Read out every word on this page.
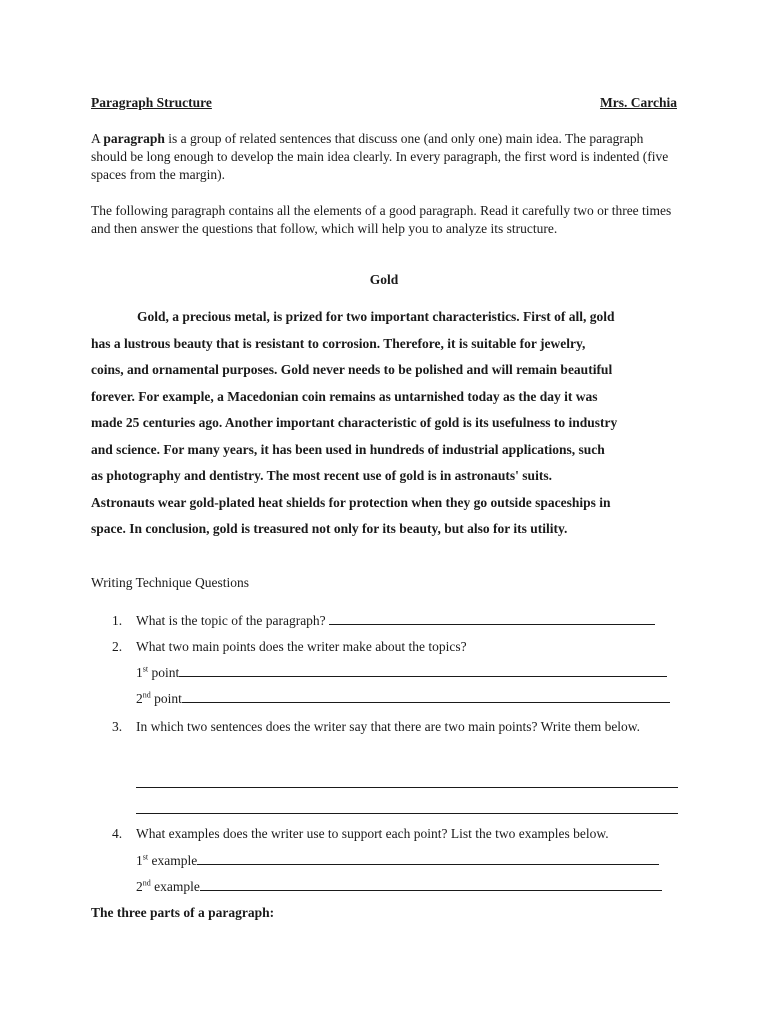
Paragraph Structure	Mrs. Carchia
A paragraph is a group of related sentences that discuss one (and only one) main idea. The paragraph should be long enough to develop the main idea clearly. In every paragraph, the first word is indented (five spaces from the margin).
The following paragraph contains all the elements of a good paragraph. Read it carefully two or three times and then answer the questions that follow, which will help you to analyze its structure.
Gold
Gold, a precious metal, is prized for two important characteristics. First of all, gold
has a lustrous beauty that is resistant to corrosion. Therefore, it is suitable for jewelry,
coins, and ornamental purposes. Gold never needs to be polished and will remain beautiful
forever. For example, a Macedonian coin remains as untarnished today as the day it was
made 25 centuries ago. Another important characteristic of gold is its usefulness to industry
and science. For many years, it has been used in hundreds of industrial applications, such
as photography and dentistry. The most recent use of gold is in astronauts' suits.
Astronauts wear gold-plated heat shields for protection when they go outside spaceships in
space. In conclusion, gold is treasured not only for its beauty, but also for its utility.
Writing Technique Questions
1.	What is the topic of the paragraph?
2.	What two main points does the writer make about the topics?
1st point
2nd point
3.	In which two sentences does the writer say that there are two main points? Write them below.
4.	What examples does the writer use to support each point? List the two examples below.
1st example
2nd example
The three parts of a paragraph:
